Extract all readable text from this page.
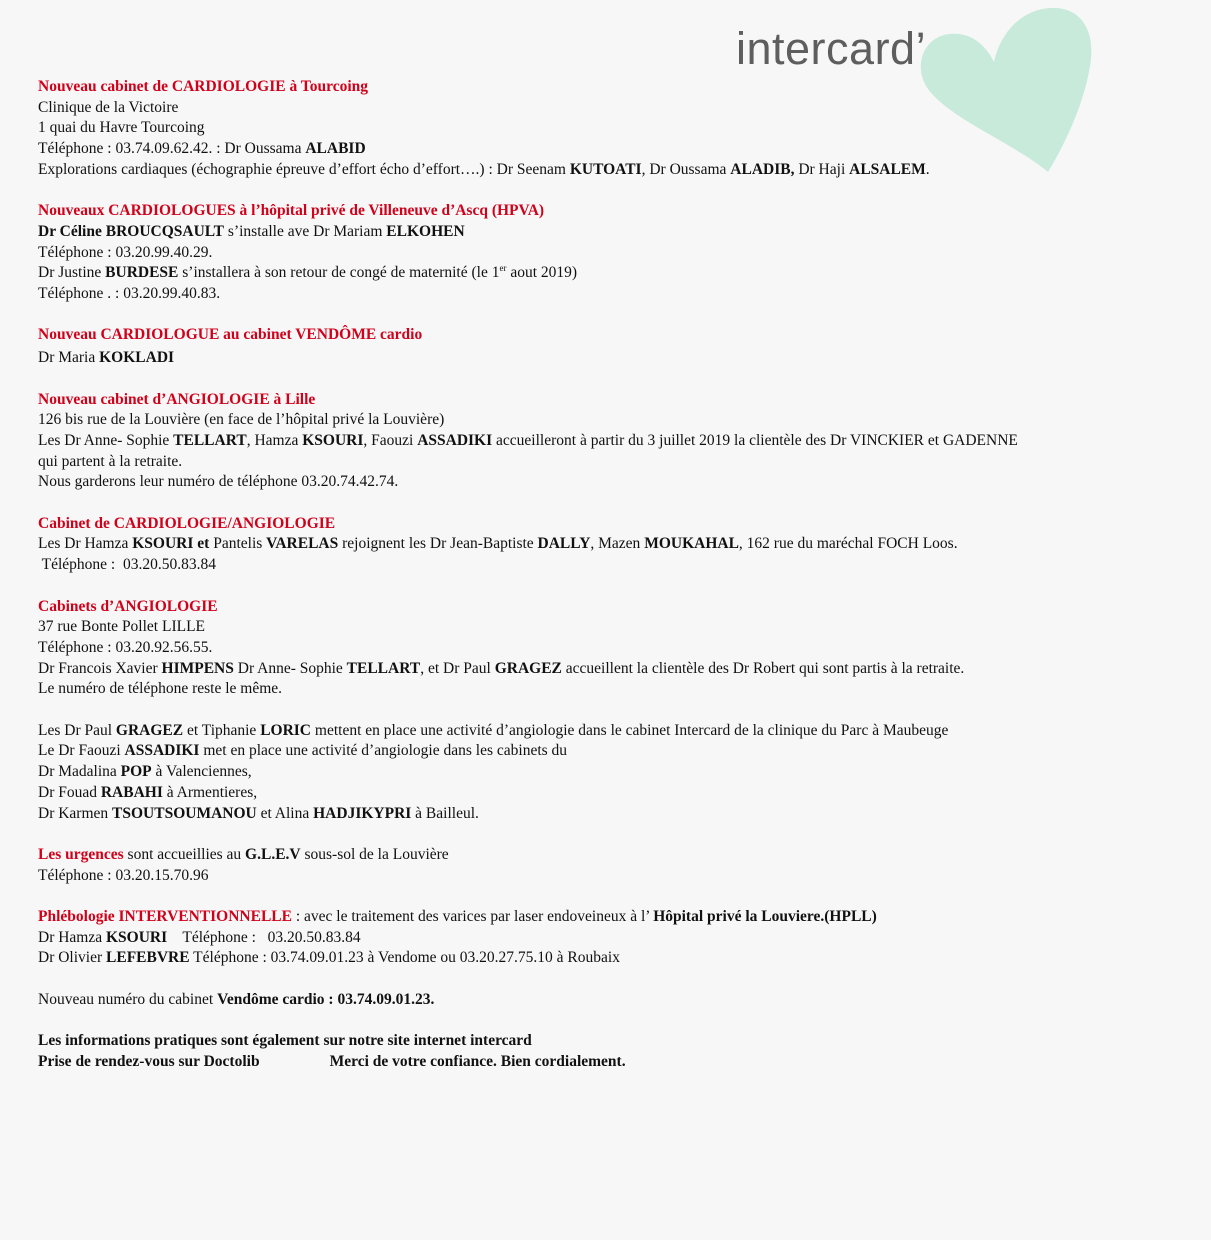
intercard’
Nouveau cabinet de CARDIOLOGIE à Tourcoing
Clinique de la Victoire
1 quai du Havre Tourcoing
Téléphone : 03.74.09.62.42. : Dr Oussama ALABID
Explorations cardiaques (échographie épreuve d’effort écho d’effort….) : Dr Seenam KUTOATI, Dr Oussama ALADIB, Dr Haji ALSALEM.
Nouveaux CARDIOLOGUES à l’hôpital privé de Villeneuve d’Ascq (HPVA)
Dr Céline BROUCQSAULT s’installe ave Dr Mariam ELKOHEN
Téléphone : 03.20.99.40.29.
Dr Justine BURDESE s’installera à son retour de congé de maternité (le 1er aout 2019)
Téléphone . : 03.20.99.40.83.
Nouveau CARDIOLOGUE au cabinet VENDÔME cardio
Dr Maria KOKLADI
Nouveau cabinet d’ANGIOLOGIE à Lille
126 bis rue de la Louvière (en face de l’hôpital privé la Louvière)
Les Dr Anne- Sophie TELLART, Hamza KSOURI, Faouzi ASSADIKI accueilleront à partir du 3 juillet 2019 la clientèle des Dr VINCKIER et GADENNE
qui partent à la retraite.
Nous garderons leur numéro de téléphone 03.20.74.42.74.
Cabinet de CARDIOLOGIE/ANGIOLOGIE
Les Dr Hamza KSOURI et Pantelis VARELAS rejoignent les Dr Jean-Baptiste DALLY, Mazen MOUKAHAL, 162 rue du maréchal FOCH Loos.
Téléphone :  03.20.50.83.84
Cabinets d’ANGIOLOGIE
37 rue Bonte Pollet LILLE
Téléphone : 03.20.92.56.55.
Dr Francois Xavier HIMPENS Dr Anne- Sophie TELLART, et Dr Paul GRAGEZ accueillent la clientèle des Dr Robert qui sont partis à la retraite.
Le numéro de téléphone reste le même.
Les Dr Paul GRAGEZ et Tiphanie LORIC mettent en place une activité d’angiologie dans le cabinet Intercard de la clinique du Parc à Maubeuge
Le Dr Faouzi ASSADIKI met en place une activité d’angiologie dans les cabinets du
Dr Madalina POP à Valenciennes,
Dr Fouad RABAHI à Armentieres,
Dr Karmen TSOUTSOUMANOU et Alina HADJIKYPRI à Bailleul.
Les urgences sont accueillies au G.L.E.V sous-sol de la Louvière
Téléphone : 03.20.15.70.96
Phlébologie INTERVENTIONNELLE : avec le traitement des varices par laser endoveineux à l’ Hôpital privé la Louviere.(HPLL)
Dr Hamza KSOURI    Téléphone :   03.20.50.83.84
Dr Olivier LEFEBVRE Téléphone : 03.74.09.01.23 à Vendome ou 03.20.27.75.10 à Roubaix
Nouveau numéro du cabinet Vendôme cardio : 03.74.09.01.23.
Les informations pratiques sont également sur notre site internet intercard
Prise de rendez-vous sur Doctolib	Merci de votre confiance. Bien cordialement.
